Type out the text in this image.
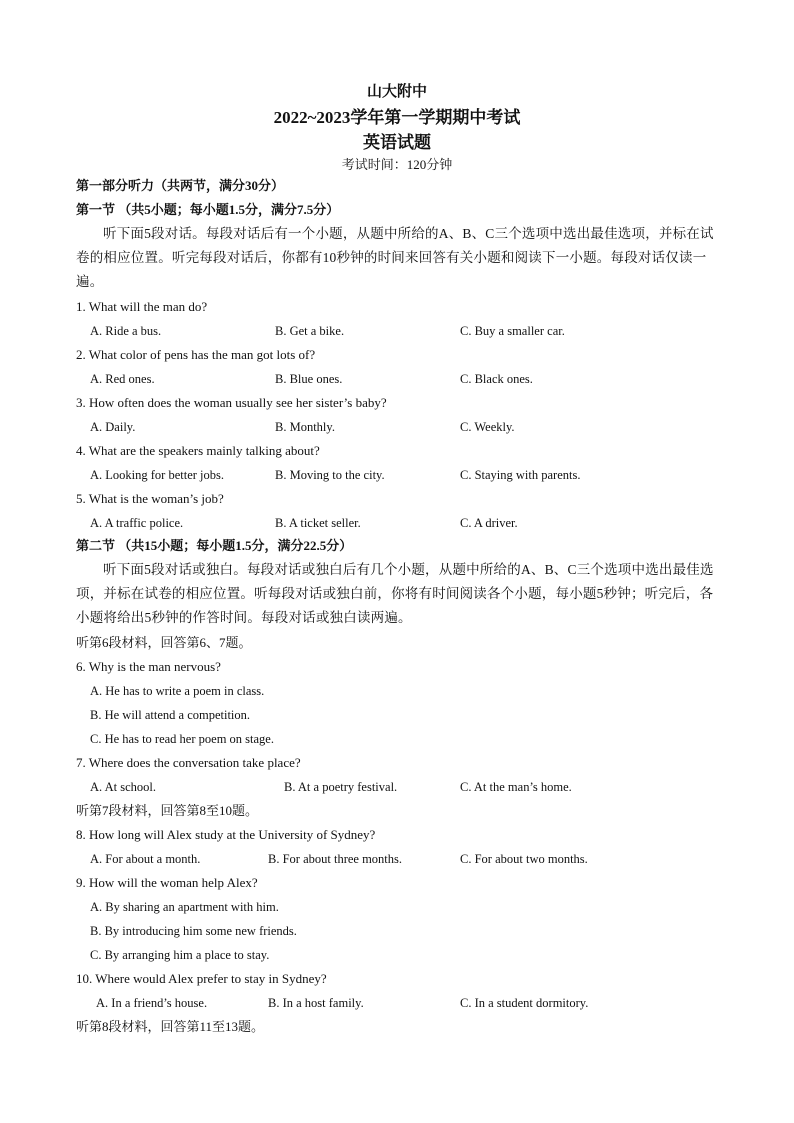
山大附中
2022~2023学年第一学期期中考试
英语试题
考试时间：120分钟
第一部分听力（共两节，满分30分）
第一节 （共5小题；每小题1.5分，满分7.5分）
听下面5段对话。每段对话后有一个小题，从题中所给的A、B、C三个选项中选出最佳选项，并标在试卷的相应位置。听完每段对话后，你都有10秒钟的时间来回答有关小题和阅读下一小题。每段对话仅读一遍。
1. What will the man do?
A. Ride a bus.	B. Get a bike.	C. Buy a smaller car.
2. What color of pens has the man got lots of?
A. Red ones.	B. Blue ones.	C. Black ones.
3. How often does the woman usually see her sister’s baby?
A. Daily.	B. Monthly.	C. Weekly.
4. What are the speakers mainly talking about?
A. Looking for better jobs.	B. Moving to the city.	C. Staying with parents.
5. What is the woman’s job?
A. A traffic police.	B. A ticket seller.	C. A driver.
第二节 （共15小题；每小题1.5分，满分22.5分）
听下面5段对话或独白。每段对话或独白后有几个小题，从题中所给的A、B、C三个选项中选出最佳选项，并标在试卷的相应位置。听每段对话或独白前，你将有时间阅读各个小题，每小题5秒钟；听完后，各小题将给出5秒钟的作答时间。每段对话或独白读两遍。
听第6段材料，回答第6、7题。
6. Why is the man nervous?
A. He has to write a poem in class.
B. He will attend a competition.
C. He has to read her poem on stage.
7. Where does the conversation take place?
A. At school.	B. At a poetry festival.	C. At the man’s home.
听第7段材料，回答第8至10题。
8. How long will Alex study at the University of Sydney?
A. For about a month.	B. For about three months.	C. For about two months.
9. How will the woman help Alex?
A. By sharing an apartment with him.
B. By introducing him some new friends.
C. By arranging him a place to stay.
10. Where would Alex prefer to stay in Sydney?
A. In a friend’s house.	B. In a host family.	C. In a student dormitory.
听第8段材料，回答第11至13题。
